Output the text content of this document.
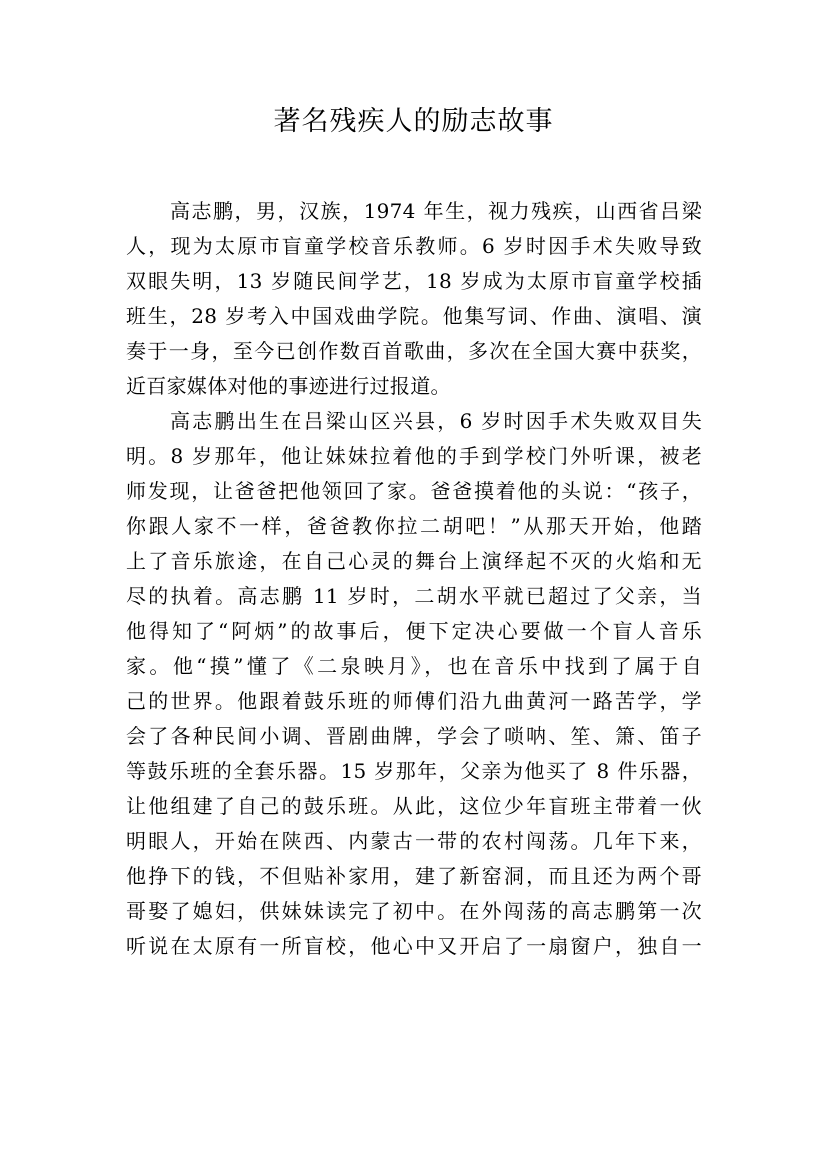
著名残疾人的励志故事
高志鹏，男，汉族，1974 年生，视力残疾，山西省吕梁
人，现为太原市盲童学校音乐教师。6 岁时因手术失败导致
双眼失明，13 岁随民间学艺，18 岁成为太原市盲童学校插
班生，28 岁考入中国戏曲学院。他集写词、作曲、演唱、演
奏于一身，至今已创作数百首歌曲，多次在全国大赛中获奖，
近百家媒体对他的事迹进行过报道。
高志鹏出生在吕梁山区兴县，6 岁时因手术失败双目失
明。8 岁那年，他让妹妹拉着他的手到学校门外听课，被老
师发现，让爸爸把他领回了家。爸爸摸着他的头说：“孩子，
你跟人家不一样，爸爸教你拉二胡吧！”从那天开始，他踏
上了音乐旅途，在自己心灵的舞台上演绎起不灭的火焰和无
尽的执着。高志鹏 11 岁时，二胡水平就已超过了父亲，当
他得知了“阿炳”的故事后，便下定决心要做一个盲人音乐
家。他“摸”懂了《二泉映月》，也在音乐中找到了属于自
己的世界。他跟着鼓乐班的师傅们沿九曲黄河一路苦学，学
会了各种民间小调、晋剧曲牌，学会了唢呐、笙、箫、笛子
等鼓乐班的全套乐器。15 岁那年，父亲为他买了 8 件乐器，
让他组建了自己的鼓乐班。从此，这位少年盲班主带着一伙
明眼人，开始在陕西、内蒙古一带的农村闯荡。几年下来，
他挣下的钱，不但贴补家用，建了新窑洞，而且还为两个哥
哥娶了媳妇，供妹妹读完了初中。在外闯荡的高志鹏第一次
听说在太原有一所盲校，他心中又开启了一扇窗户，独自一
